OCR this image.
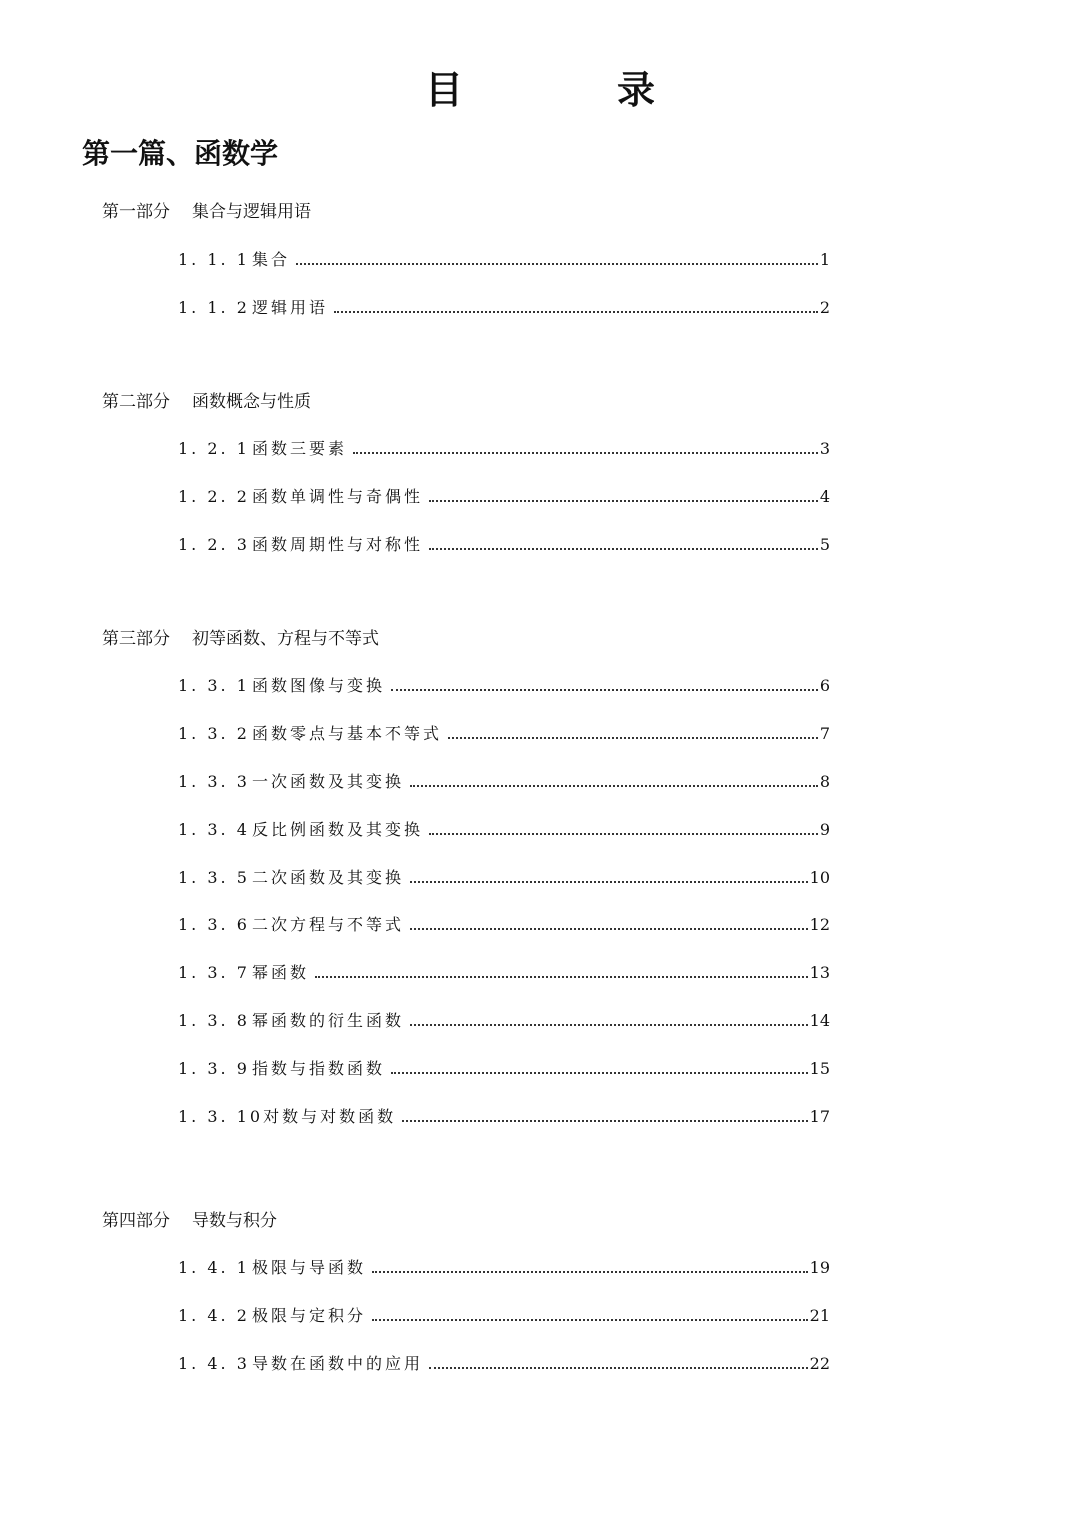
目　录
第一篇、函数学
第一部分 集合与逻辑用语
1. 1. 1 集合	1
1. 1. 2 逻辑用语	2
第二部分 函数概念与性质
1. 2. 1 函数三要素	3
1. 2. 2 函数单调性与奇偶性	4
1. 2. 3 函数周期性与对称性	5
第三部分 初等函数、方程与不等式
1. 3. 1 函数图像与变换	6
1. 3. 2 函数零点与基本不等式	7
1. 3. 3 一次函数及其变换	8
1. 3. 4 反比例函数及其变换	9
1. 3. 5 二次函数及其变换	10
1. 3. 6 二次方程与不等式	12
1. 3. 7 幂函数	13
1. 3. 8 幂函数的衍生函数	14
1. 3. 9 指数与指数函数	15
1. 3. 10 对数与对数函数	17
第四部分 导数与积分
1. 4. 1 极限与导函数	19
1. 4. 2 极限与定积分	21
1. 4. 3 导数在函数中的应用	22
